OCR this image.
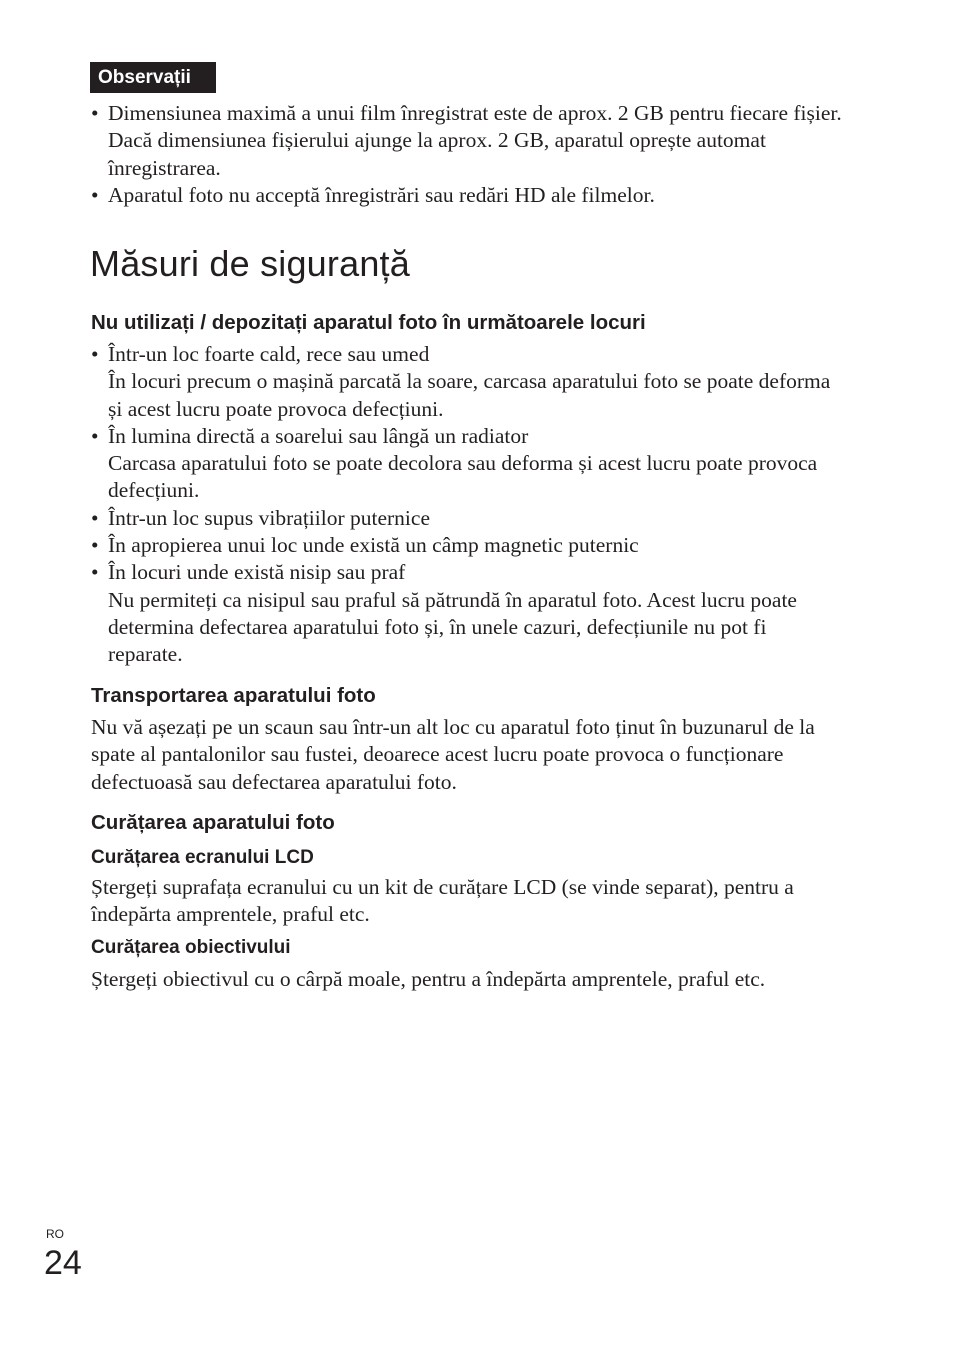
Observații
• Dimensiunea maximă a unui film înregistrat este de aprox. 2 GB pentru fiecare fișier. Dacă dimensiunea fișierului ajunge la aprox. 2 GB, aparatul oprește automat înregistrarea.
• Aparatul foto nu acceptă înregistrări sau redări HD ale filmelor.
Măsuri de siguranță
Nu utilizați / depozitați aparatul foto în următoarele locuri
• Într-un loc foarte cald, rece sau umed
În locuri precum o mașină parcată la soare, carcasa aparatului foto se poate deforma și acest lucru poate provoca defecțiuni.
• În lumina directă a soarelui sau lângă un radiator
Carcasa aparatului foto se poate decolora sau deforma și acest lucru poate provoca defecțiuni.
• Într-un loc supus vibrațiilor puternice
• În apropierea unui loc unde există un câmp magnetic puternic
• În locuri unde există nisip sau praf
Nu permiteți ca nisipul sau praful să pătrundă în aparatul foto. Acest lucru poate determina defectarea aparatului foto și, în unele cazuri, defecțiunile nu pot fi reparate.
Transportarea aparatului foto

Nu vă așezați pe un scaun sau într-un alt loc cu aparatul foto ținut în buzunarul de la spate al pantalonilor sau fustei, deoarece acest lucru poate provoca o funcționare defectuoasă sau defectarea aparatului foto.

Curățarea aparatului foto
Curățarea ecranului LCD

Ștergeți suprafața ecranului cu un kit de curățare LCD (se vinde separat), pentru a îndepărta amprentele, praful etc.

Curățarea obiectivului

Ștergeți obiectivul cu o cârpă moale, pentru a îndepărta amprentele, praful etc.

RO
24
